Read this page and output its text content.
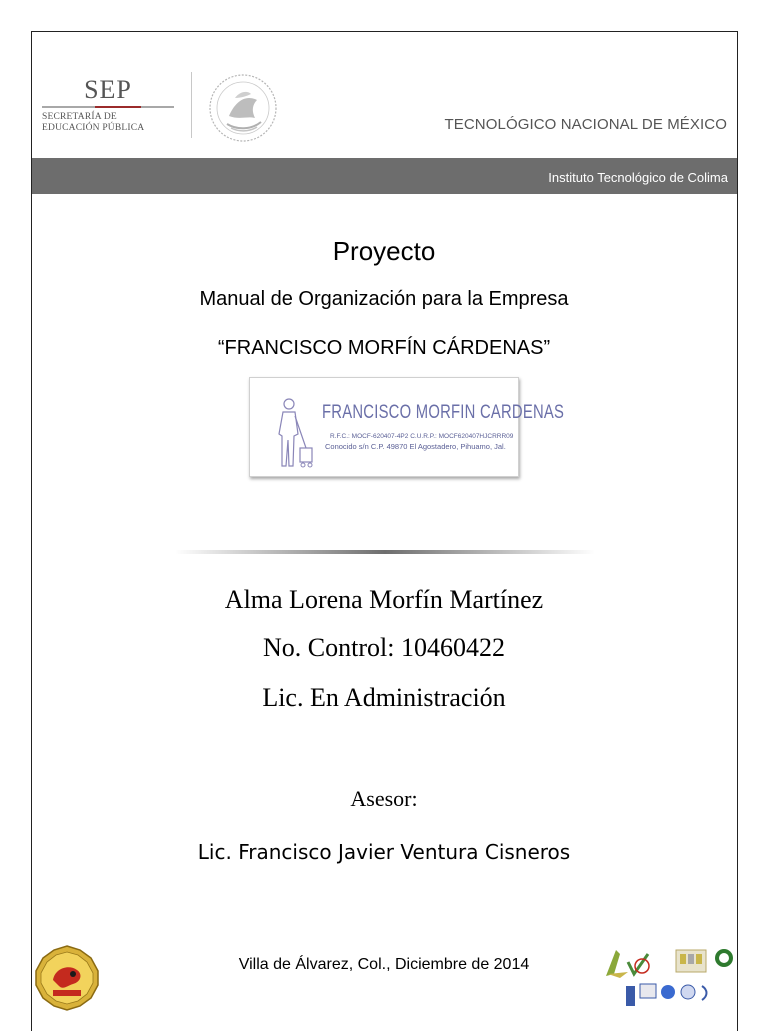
SEP
SECRETARÍA DE
EDUCACIÓN PÚBLICA	TECNOLÓGICO NACIONAL DE MÉXICO
Instituto Tecnológico de Colima
Proyecto
Manual de Organización para la Empresa
“FRANCISCO MORFÍN CÁRDENAS”
FRANCISCO MORFIN CARDENAS
R.F.C.: MOCF-620407-4P2 C.U.R.P.: MOCF620407HJCRRR09
Conocido s/n C.P. 49870 El Agostadero, Pihuamo, Jal.
Alma Lorena Morfín Martínez
No. Control: 10460422
Lic. En Administración
Asesor:
Lic. Francisco Javier Ventura Cisneros
Villa de Álvarez, Col., Diciembre de 2014
